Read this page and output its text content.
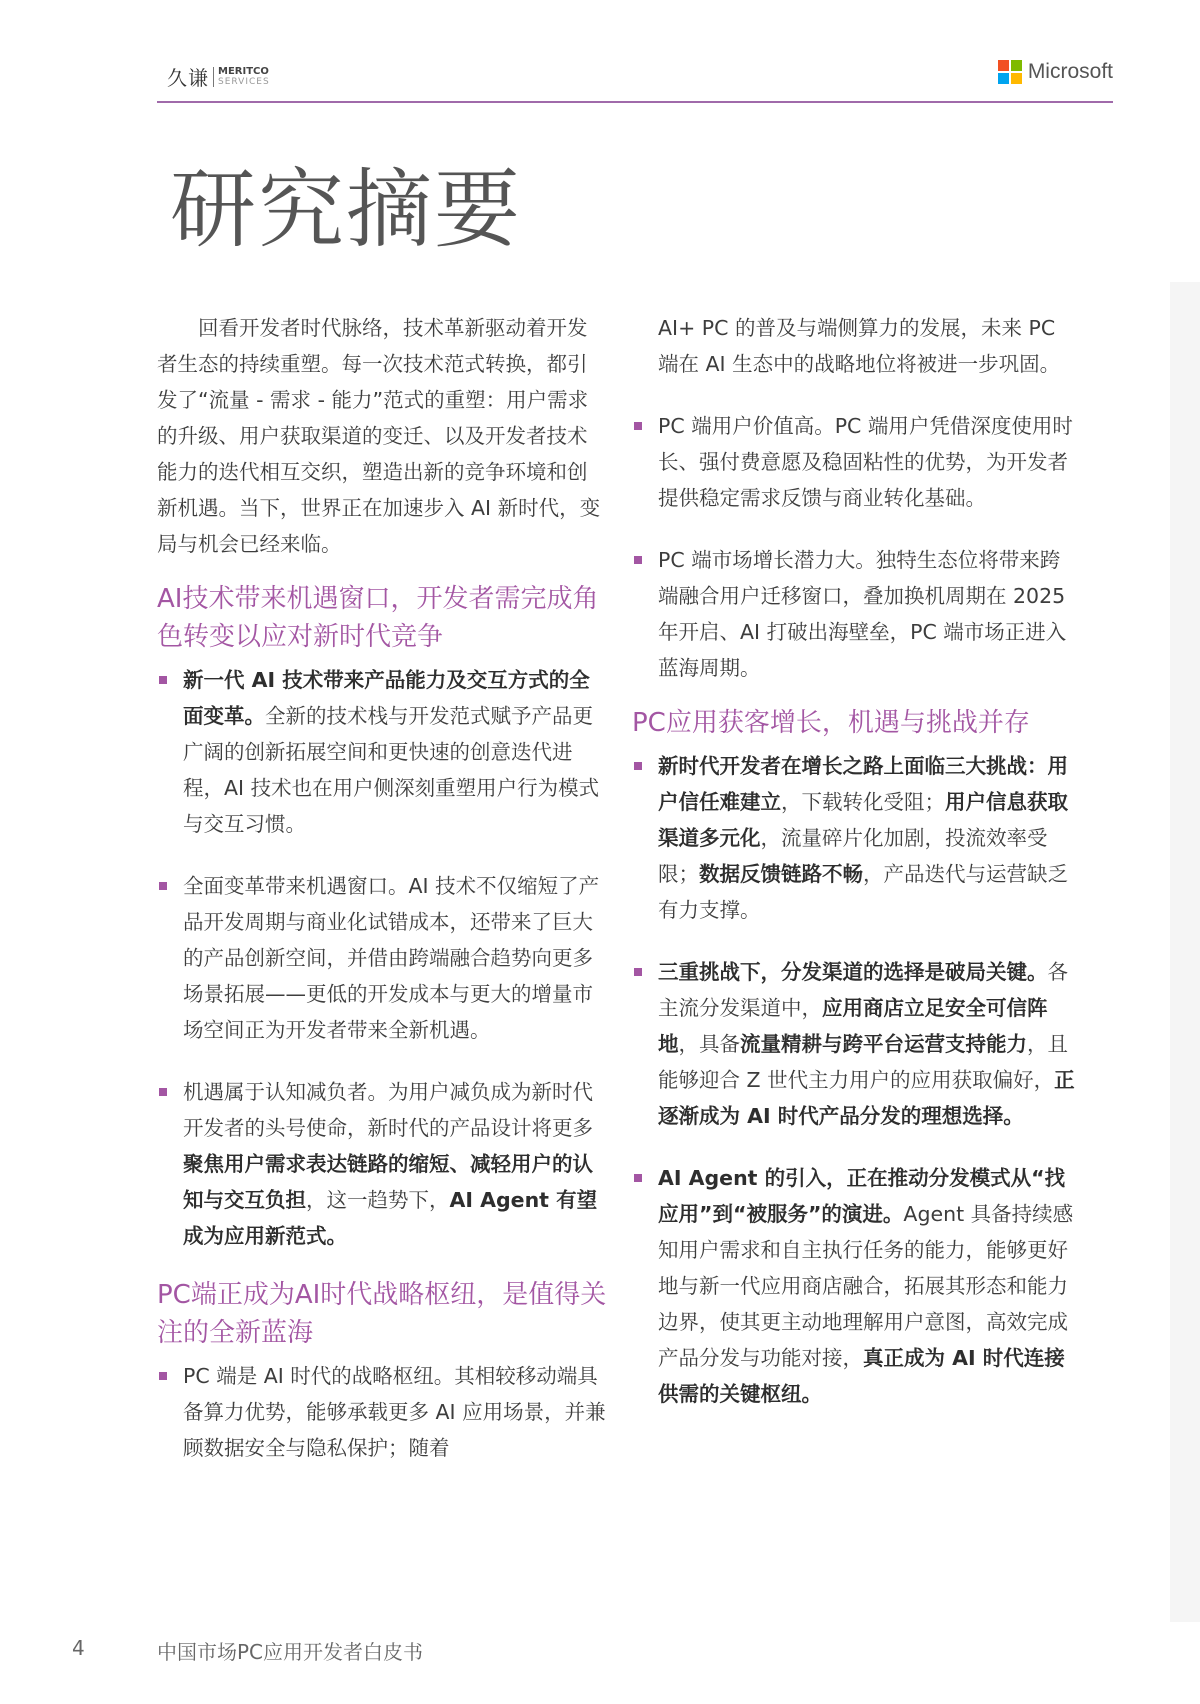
久谦 MERITCO
SERVICES	Microsoft
研究摘要

回看开发者时代脉络，技术革新驱动着开发者生态的持续重塑。每一次技术范式转换，都引发了“流量 - 需求 - 能力”范式的重塑：用户需求的升级、用户获取渠道的变迁、以及开发者技术能力的迭代相互交织，塑造出新的竞争环境和创新机遇。当下，世界正在加速步入 AI 新时代，变局与机会已经来临。

AI技术带来机遇窗口，开发者需完成角色转变以应对新时代竞争
新一代 AI 技术带来产品能力及交互方式的全面变革。全新的技术栈与开发范式赋予产品更广阔的创新拓展空间和更快速的创意迭代进程，AI 技术也在用户侧深刻重塑用户行为模式与交互习惯。
全面变革带来机遇窗口。AI 技术不仅缩短了产品开发周期与商业化试错成本，还带来了巨大的产品创新空间，并借由跨端融合趋势向更多场景拓展——更低的开发成本与更大的增量市场空间正为开发者带来全新机遇。
机遇属于认知减负者。为用户减负成为新时代开发者的头号使命，新时代的产品设计将更多聚焦用户需求表达链路的缩短、减轻用户的认知与交互负担，这一趋势下，AI Agent 有望成为应用新范式。
PC端正成为AI时代战略枢纽，是值得关注的全新蓝海
PC 端是 AI 时代的战略枢纽。其相较移动端具备算力优势，能够承载更多 AI 应用场景，并兼顾数据安全与隐私保护；随着

AI+ PC 的普及与端侧算力的发展，未来 PC 端在 AI 生态中的战略地位将被进一步巩固。

PC 端用户价值高。PC 端用户凭借深度使用时长、强付费意愿及稳固粘性的优势，为开发者提供稳定需求反馈与商业转化基础。
PC 端市场增长潜力大。独特生态位将带来跨端融合用户迁移窗口，叠加换机周期在 2025 年开启、AI 打破出海壁垒，PC 端市场正进入蓝海周期。
PC应用获客增长，机遇与挑战并存
新时代开发者在增长之路上面临三大挑战：用户信任难建立，下载转化受阻；用户信息获取渠道多元化，流量碎片化加剧，投流效率受限；数据反馈链路不畅，产品迭代与运营缺乏有力支撑。
三重挑战下，分发渠道的选择是破局关键。各主流分发渠道中，应用商店立足安全可信阵地，具备流量精耕与跨平台运营支持能力，且能够迎合 Z 世代主力用户的应用获取偏好，正逐渐成为 AI 时代产品分发的理想选择。
AI Agent 的引入，正在推动分发模式从“找应用”到“被服务”的演进。Agent 具备持续感知用户需求和自主执行任务的能力，能够更好地与新一代应用商店融合，拓展其形态和能力边界，使其更主动地理解用户意图，高效完成产品分发与功能对接，真正成为 AI 时代连接供需的关键枢纽。
4	中国市场PC应用开发者白皮书
